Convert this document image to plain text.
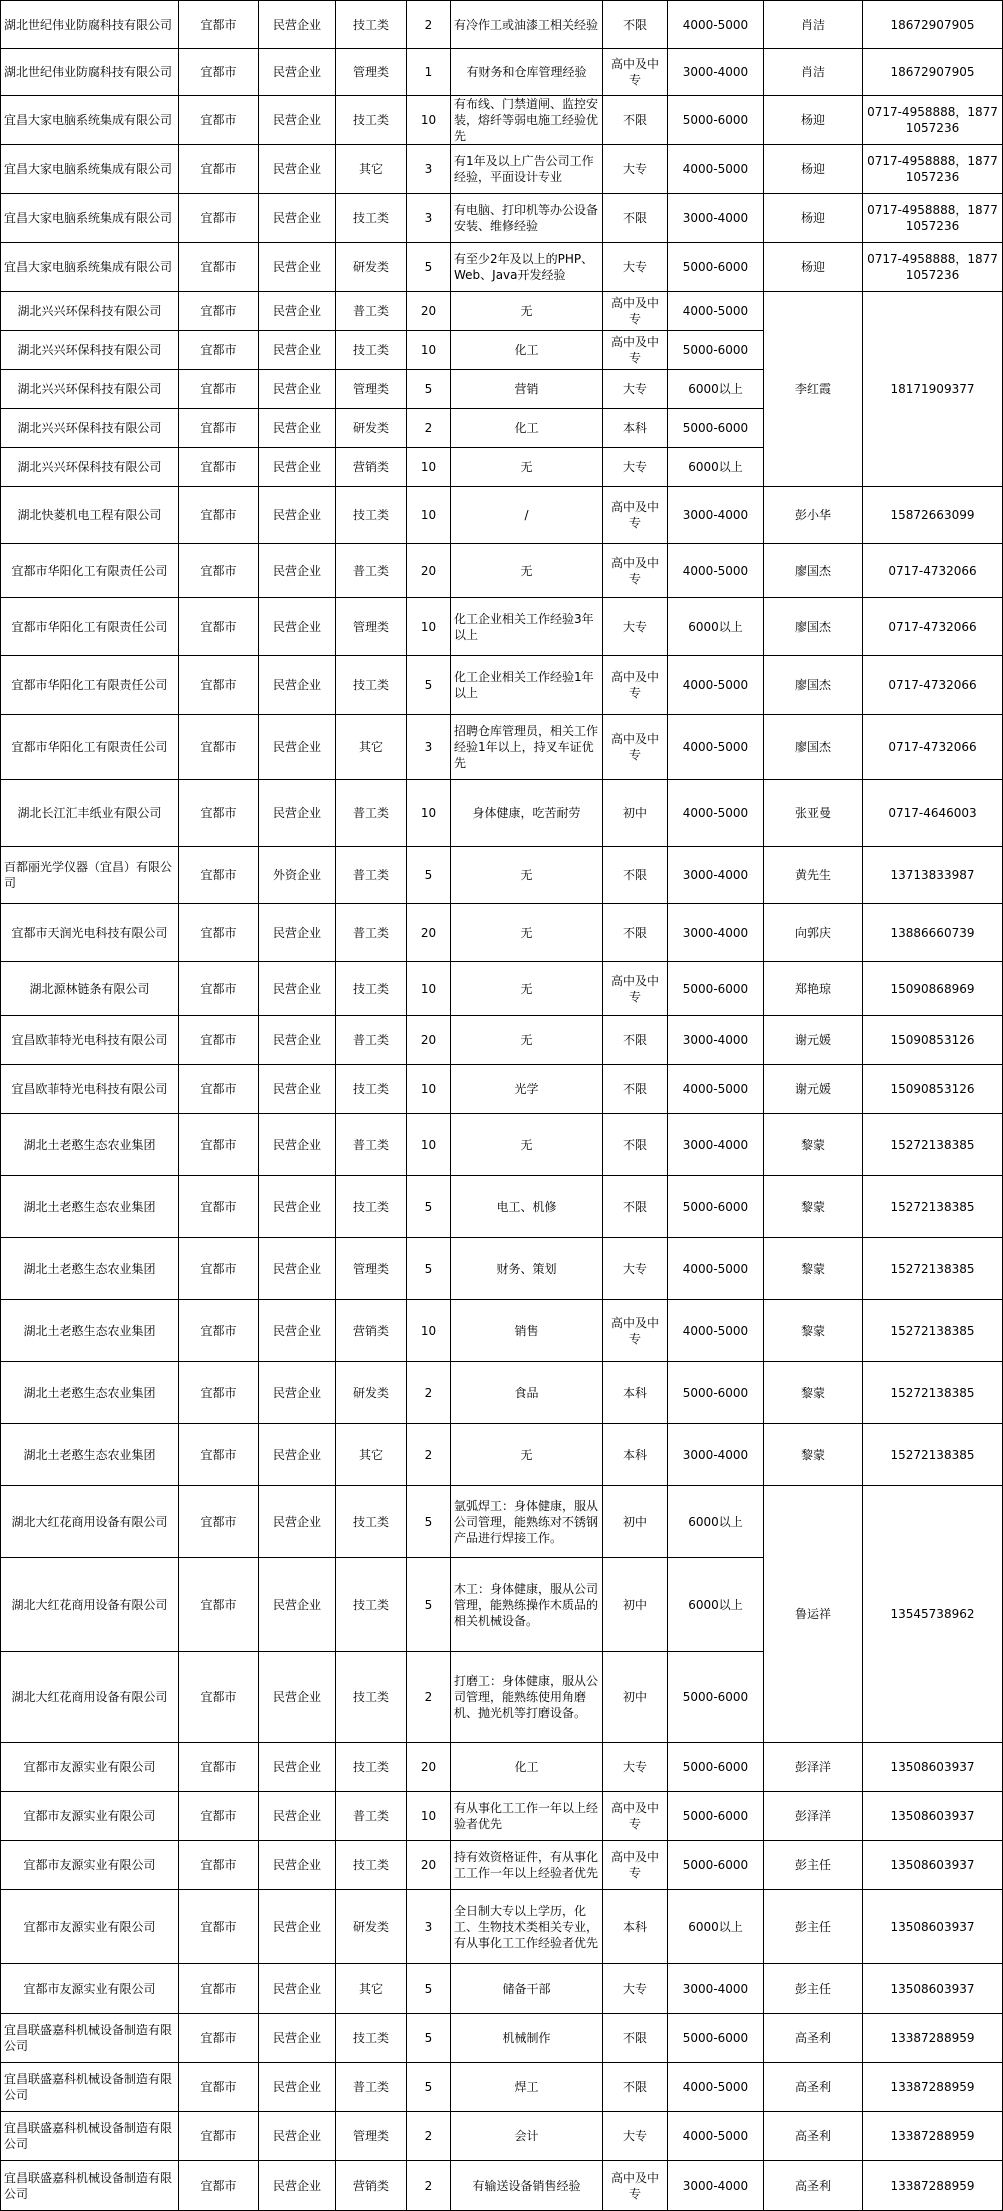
湖北世纪伟业防腐科技有限公司	宜都市	民营企业	技工类	2	有冷作工或油漆工相关经验	不限	4000-5000	肖洁	18672907905
湖北世纪伟业防腐科技有限公司	宜都市	民营企业	管理类	1	有财务和仓库管理经验	高中及中专	3000-4000	肖洁	18672907905
宜昌大家电脑系统集成有限公司	宜都市	民营企业	技工类	10	有布线、门禁道闸、监控安装，熔纤等弱电施工经验优先	不限	5000-6000	杨迎	0717-4958888，18771057236
宜昌大家电脑系统集成有限公司	宜都市	民营企业	其它	3	有1年及以上广告公司工作经验，平面设计专业	大专	4000-5000	杨迎	0717-4958888，18771057236
宜昌大家电脑系统集成有限公司	宜都市	民营企业	技工类	3	有电脑、打印机等办公设备安装、维修经验	不限	3000-4000	杨迎	0717-4958888，18771057236
宜昌大家电脑系统集成有限公司	宜都市	民营企业	研发类	5	有至少2年及以上的PHP、Web、Java开发经验	大专	5000-6000	杨迎	0717-4958888，18771057236
湖北兴兴环保科技有限公司	宜都市	民营企业	普工类	20	无	高中及中专	4000-5000	李红霞	18171909377
湖北兴兴环保科技有限公司	宜都市	民营企业	技工类	10	化工	高中及中专	5000-6000		
湖北兴兴环保科技有限公司	宜都市	民营企业	管理类	5	营销	大专	6000以上		
湖北兴兴环保科技有限公司	宜都市	民营企业	研发类	2	化工	本科	5000-6000		
湖北兴兴环保科技有限公司	宜都市	民营企业	营销类	10	无	大专	6000以上		
湖北快菱机电工程有限公司	宜都市	民营企业	技工类	10	/	高中及中专	3000-4000	彭小华	15872663099
宜都市华阳化工有限责任公司	宜都市	民营企业	普工类	20	无	高中及中专	4000-5000	廖国杰	0717-4732066
宜都市华阳化工有限责任公司	宜都市	民营企业	管理类	10	化工企业相关工作经验3年以上	大专	6000以上	廖国杰	0717-4732066
宜都市华阳化工有限责任公司	宜都市	民营企业	技工类	5	化工企业相关工作经验1年以上	高中及中专	4000-5000	廖国杰	0717-4732066
宜都市华阳化工有限责任公司	宜都市	民营企业	其它	3	招聘仓库管理员，相关工作经验1年以上，持叉车证优先	高中及中专	4000-5000	廖国杰	0717-4732066
湖北长江汇丰纸业有限公司	宜都市	民营企业	普工类	10	身体健康，吃苦耐劳	初中	4000-5000	张亚曼	0717-4646003
百都丽光学仪器（宜昌）有限公司	宜都市	外资企业	普工类	5	无	不限	3000-4000	黄先生	13713833987
宜都市天润光电科技有限公司	宜都市	民营企业	普工类	20	无	不限	3000-4000	向郭庆	13886660739
湖北源林链条有限公司	宜都市	民营企业	技工类	10	无	高中及中专	5000-6000	郑艳琼	15090868969
宜昌欧菲特光电科技有限公司	宜都市	民营企业	普工类	20	无	不限	3000-4000	谢元媛	15090853126
宜昌欧菲特光电科技有限公司	宜都市	民营企业	技工类	10	光学	不限	4000-5000	谢元媛	15090853126
湖北土老憨生态农业集团	宜都市	民营企业	普工类	10	无	不限	3000-4000	黎蒙	15272138385
湖北土老憨生态农业集团	宜都市	民营企业	技工类	5	电工、机修	不限	5000-6000	黎蒙	15272138385
湖北土老憨生态农业集团	宜都市	民营企业	管理类	5	财务、策划	大专	4000-5000	黎蒙	15272138385
湖北土老憨生态农业集团	宜都市	民营企业	营销类	10	销售	高中及中专	4000-5000	黎蒙	15272138385
湖北土老憨生态农业集团	宜都市	民营企业	研发类	2	食品	本科	5000-6000	黎蒙	15272138385
湖北土老憨生态农业集团	宜都市	民营企业	其它	2	无	本科	3000-4000	黎蒙	15272138385
湖北大红花商用设备有限公司	宜都市	民营企业	技工类	5	氩弧焊工：身体健康，服从公司管理，能熟练对不锈钢产品进行焊接工作。	初中	6000以上	鲁运祥	13545738962
湖北大红花商用设备有限公司	宜都市	民营企业	技工类	5	木工：身体健康，服从公司管理，能熟练操作木质品的相关机械设备。	初中	6000以上		
湖北大红花商用设备有限公司	宜都市	民营企业	技工类	2	打磨工：身体健康，服从公司管理，能熟练使用角磨机、抛光机等打磨设备。	初中	5000-6000		
宜都市友源实业有限公司	宜都市	民营企业	技工类	20	化工	大专	5000-6000	彭泽洋	13508603937
宜都市友源实业有限公司	宜都市	民营企业	普工类	10	有从事化工工作一年以上经验者优先	高中及中专	5000-6000	彭泽洋	13508603937
宜都市友源实业有限公司	宜都市	民营企业	技工类	20	持有效资格证件，有从事化工工作一年以上经验者优先	高中及中专	5000-6000	彭主任	13508603937
宜都市友源实业有限公司	宜都市	民营企业	研发类	3	全日制大专以上学历，化工、生物技术类相关专业，有从事化工工作经验者优先	本科	6000以上	彭主任	13508603937
宜都市友源实业有限公司	宜都市	民营企业	其它	5	储备干部	大专	3000-4000	彭主任	13508603937
宜昌联盛嘉科机械设备制造有限公司	宜都市	民营企业	技工类	5	机械制作	不限	5000-6000	高圣利	13387288959
宜昌联盛嘉科机械设备制造有限公司	宜都市	民营企业	普工类	5	焊工	不限	4000-5000	高圣利	13387288959
宜昌联盛嘉科机械设备制造有限公司	宜都市	民营企业	管理类	2	会计	大专	4000-5000	高圣利	13387288959
宜昌联盛嘉科机械设备制造有限公司	宜都市	民营企业	营销类	2	有输送设备销售经验	高中及中专	3000-4000	高圣利	13387288959
